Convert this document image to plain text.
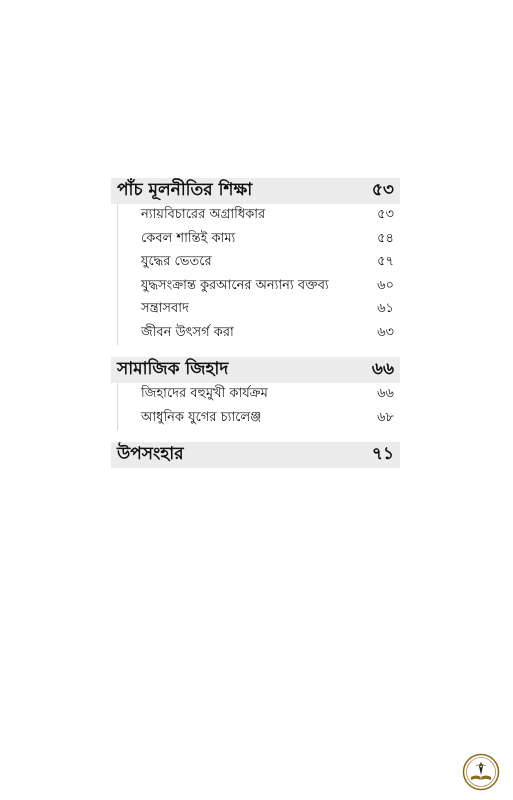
পাঁচ মূলনীতির শিক্ষা	৫৩
ন্যায়বিচারের অগ্রাধিকার	৫৩
কেবল শান্তিই কাম্য	৫৪
যুদ্ধের ভেতরে	৫৭
যুদ্ধসংক্রান্ত কুরআনের অন্যান্য বক্তব্য	৬০
সন্ত্রাসবাদ	৬১
জীবন উৎসর্গ করা	৬৩
সামাজিক জিহাদ	৬৬
জিহাদের বহুমুখী কার্যক্রম	৬৬
আধুনিক যুগের চ্যালেঞ্জ	৬৮
উপসংহার	৭১
